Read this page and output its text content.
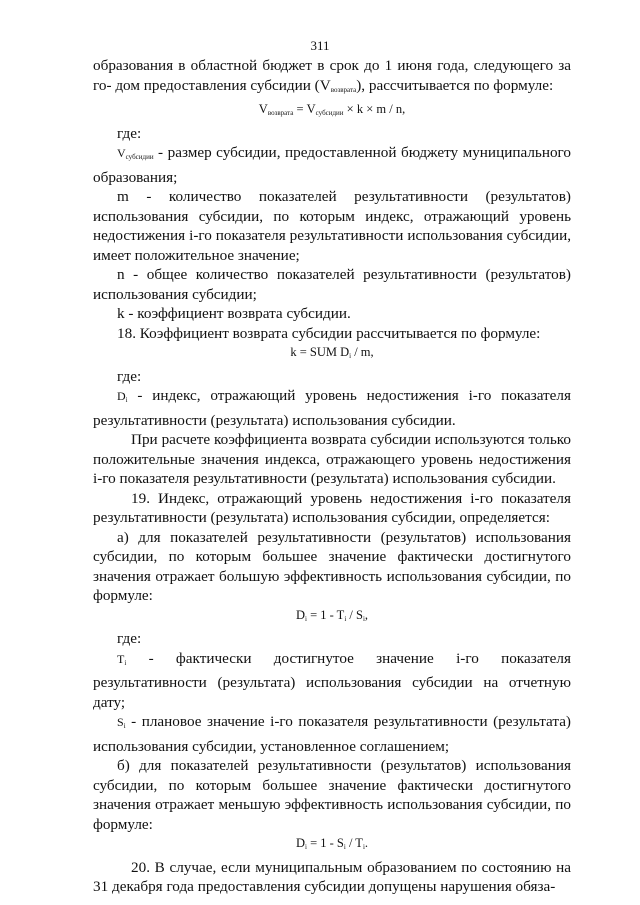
311

образования в областной бюджет в срок до 1 июня года, следующего за го- дом предоставления субсидии $(V_{возврата})$, рассчитывается по формуле:

$V_{возврата} = V_{субсидии} \times k \times m / n$,

где:

$V_{субсидии}$ - размер субсидии, предоставленной бюджету муниципального образования;

m - количество показателей результативности (результатов) использования субсидии, по которым индекс, отражающий уровень недостижения i-го показателя результативности использования субсидии, имеет положительное значение;

n - общее количество показателей результативности (результатов) использования субсидии;

k - коэффициент возврата субсидии.

18. Коэффициент возврата субсидии рассчитывается по формуле:

k = SUM $D_i$ / m,

где:

$D_i$ - индекс, отражающий уровень недостижения i-го показателя результативности (результата) использования субсидии.

При расчете коэффициента возврата субсидии используются только положительные значения индекса, отражающего уровень недостижения i-го показателя результативности (результата) использования субсидии.

19. Индекс, отражающий уровень недостижения i-го показателя результативности (результата) использования субсидии, определяется:

а) для показателей результативности (результатов) использования субсидии, по которым большее значение фактически достигнутого значения отражает большую эффективность использования субсидии, по формуле:

$D_i = 1 - T_i / S_i$,

где:

$T_i$ - фактически достигнутое значение i-го показателя результативности (результата) использования субсидии на отчетную дату;

$S_i$ - плановое значение i-го показателя результативности (результата) использования субсидии, установленное соглашением;

б) для показателей результативности (результатов) использования субсидии, по которым большее значение фактически достигнутого значения отражает меньшую эффективность использования субсидии, по формуле:

$D_i = 1 - S_i / T_i$.

20. В случае, если муниципальным образованием по состоянию на 31 декабря года предоставления субсидии допущены нарушения обяза-
